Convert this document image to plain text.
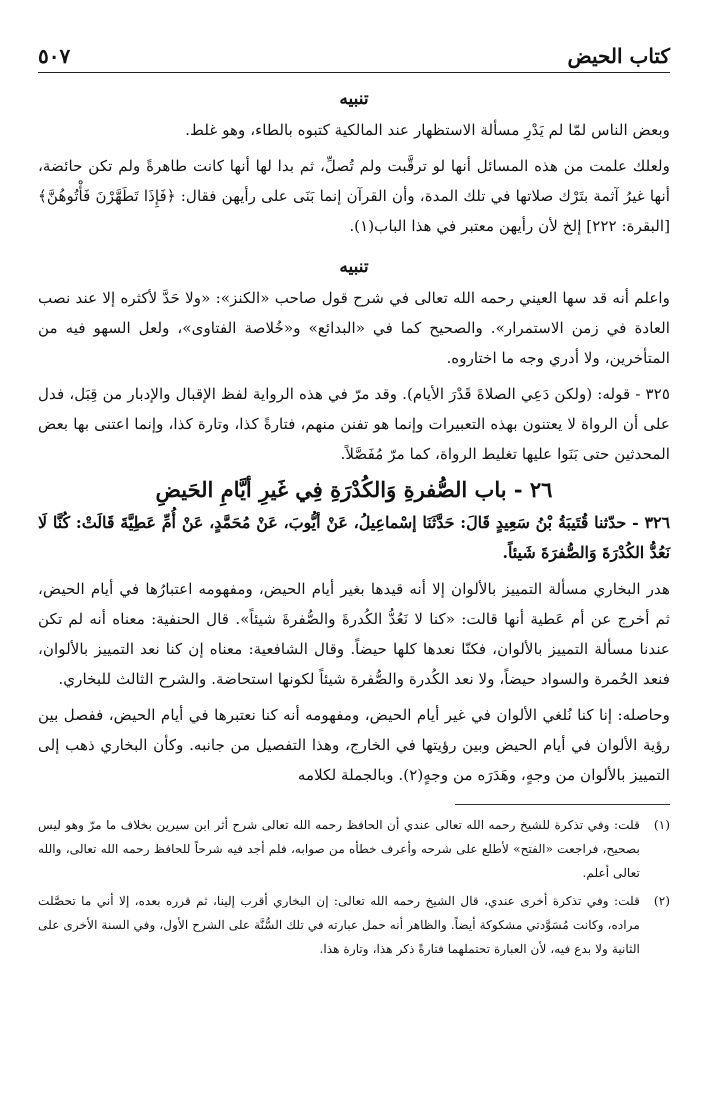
كتاب الحيض
٥٠٧
تنبيه

وبعض الناس لمّا لم يَدْرِ مسألة الاستظهار عند المالكية كتبوه بالطاء، وهو غلط.

ولعلك علمت من هذه المسائل أنها لو ترقَّبت ولم تُصلِّ، ثم بدا لها أنها كانت طاهرةً ولم تكن حائضة، أنها غيرُ آثمة بتَرْك صلاتها في تلك المدة، وأن القرآن إنما بَنَى على رأيهن فقال: ﴿فَإِذَا تَطَهَّرْنَ فَأْتُوهُنَّ﴾ [البقرة: ٢٢٢] إلخ لأن رأيهن معتبر في هذا الباب(١).

تنبيه

واعلم أنه قد سها العيني رحمه الله تعالى في شرح قول صاحب «الكنز»: «ولا حَدَّ لأكثره إلا عند نصب العادة في زمن الاستمرار». والصحيح كما في «البدائع» و«خُلاصة الفتاوى»، ولعل السهو فيه من المتأخرين، ولا أدري وجه ما اختاروه.

٣٢٥ - قوله: (ولكن دَعِي الصلاةَ قَدْرَ الأيام). وقد مرّ في هذه الرواية لفظ الإقبال والإدبار من قِبَل، فدل على أن الرواة لا يعتنون بهذه التعبيرات وإنما هو تفنن منهم، فتارةً كذا، وتارة كذا، وإنما اعتنى بها بعض المحدثين حتى بَنَوا عليها تغليط الرواة، كما مرّ مُفَصَّلاً.

٢٦ - باب الصُّفرةِ وَالكُدْرَةِ فِي غَيرِ أيَّامِ الحَيضِ

٣٢٦ - حدّثنا قُتَيبَةُ بْنُ سَعِيدٍ قَالَ: حَدَّثَنَا إسْماعِيلُ، عَنْ أيُّوبَ، عَنْ مُحَمَّدٍ، عَنْ أُمِّ عَطِيَّةَ قَالَتْ: كُنَّا لَا نَعُدُّ الكُدْرَةَ وَالصُّفرَةَ شَيئاً.

هدر البخاري مسألة التمييز بالألوان إلا أنه قيدها بغير أيام الحيض، ومفهومه اعتبارُها في أيام الحيض، ثم أخرج عن أم عَطية أنها قالت: «كنا لا نَعُدُّ الكُدرةَ والصُّفرةَ شيئاً». قال الحنفية: معناه أنه لم تكن عندنا مسألة التمييز بالألوان، فكنّا نعدها كلها حيضاً. وقال الشافعية: معناه إن كنا نعد التمييز بالألوان، فنعد الحُمرة والسواد حيضاً، ولا نعد الكُدرة والصُّفرة شيئاً لكونها استحاضة. والشرح الثالث للبخاري.

وحاصله: إنا كنا نُلغي الألوان في غير أيام الحيض، ومفهومه أنه كنا نعتبرها في أيام الحيض، ففصل بين رؤية الألوان في أيام الحيض وبين رؤيتها في الخارج، وهذا التفصيل من جانبه. وكأن البخاري ذهب إلى التمييز بالألوان من وجهٍ، وهَدَرَه من وجهٍ(٢). وبالجملة لكلامه

(١)
قلت: وفي تذكرة للشيخ رحمه الله تعالى عندي أن الحافظ رحمه الله تعالى شرح أثر ابن سيرين بخلاف ما مرّ وهو ليس بصحيح، فراجعت «الفتح» لأطلع على شرحه وأعرف خطأه من صوابه، فلم أجد فيه شرحاً للحافظ رحمه الله تعالى، والله تعالى أعلم.
(٢)
قلت: وفي تذكرة أخرى عندي، قال الشيخ رحمه الله تعالى: إن البخاري أقرب إلينا، ثم قرره بعده، إلا أني ما تحصَّلت مراده، وكانت مُسَوَّدتي مشكوكة أيضاً. والظاهر أنه حمل عبارته في تلك السُّنَّة على الشرح الأول، وفي السنة الأخرى على الثانية ولا بدع فيه، لأن العبارة تحتملهما فتارةً ذكر هذا، وتارة هذا.
